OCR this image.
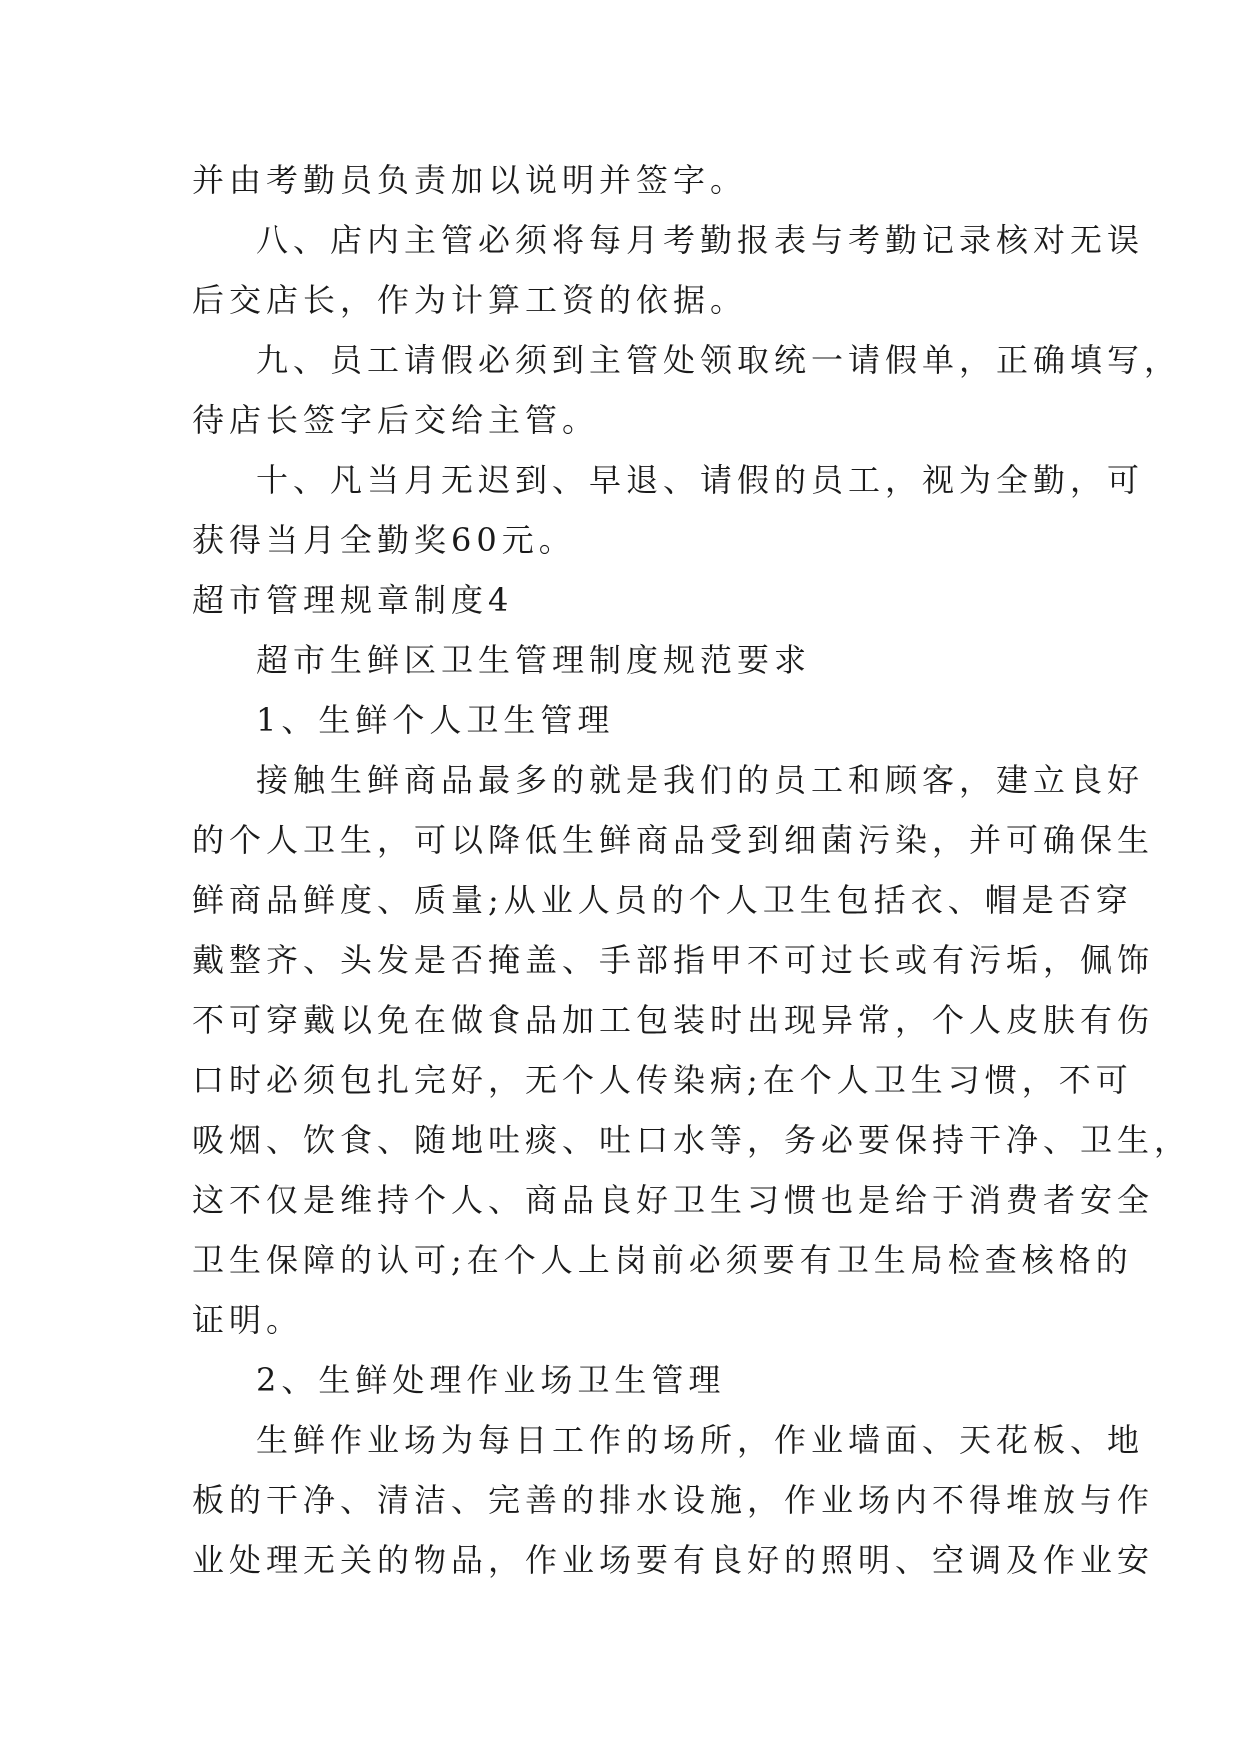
并由考勤员负责加以说明并签字。
八、店内主管必须将每月考勤报表与考勤记录核对无误
后交店长，作为计算工资的依据。
九、员工请假必须到主管处领取统一请假单，正确填写，
待店长签字后交给主管。
十、凡当月无迟到、早退、请假的员工，视为全勤，可
获得当月全勤奖60元。
超市管理规章制度4
超市生鲜区卫生管理制度规范要求
1、生鲜个人卫生管理
接触生鲜商品最多的就是我们的员工和顾客，建立良好
的个人卫生，可以降低生鲜商品受到细菌污染，并可确保生
鲜商品鲜度、质量;从业人员的个人卫生包括衣、帽是否穿
戴整齐、头发是否掩盖、手部指甲不可过长或有污垢，佩饰
不可穿戴以免在做食品加工包装时出现异常，个人皮肤有伤
口时必须包扎完好，无个人传染病;在个人卫生习惯，不可
吸烟、饮食、随地吐痰、吐口水等，务必要保持干净、卫生，
这不仅是维持个人、商品良好卫生习惯也是给于消费者安全
卫生保障的认可;在个人上岗前必须要有卫生局检查核格的
证明。
2、生鲜处理作业场卫生管理
生鲜作业场为每日工作的场所，作业墙面、天花板、地
板的干净、清洁、完善的排水设施，作业场内不得堆放与作
业处理无关的物品，作业场要有良好的照明、空调及作业安
